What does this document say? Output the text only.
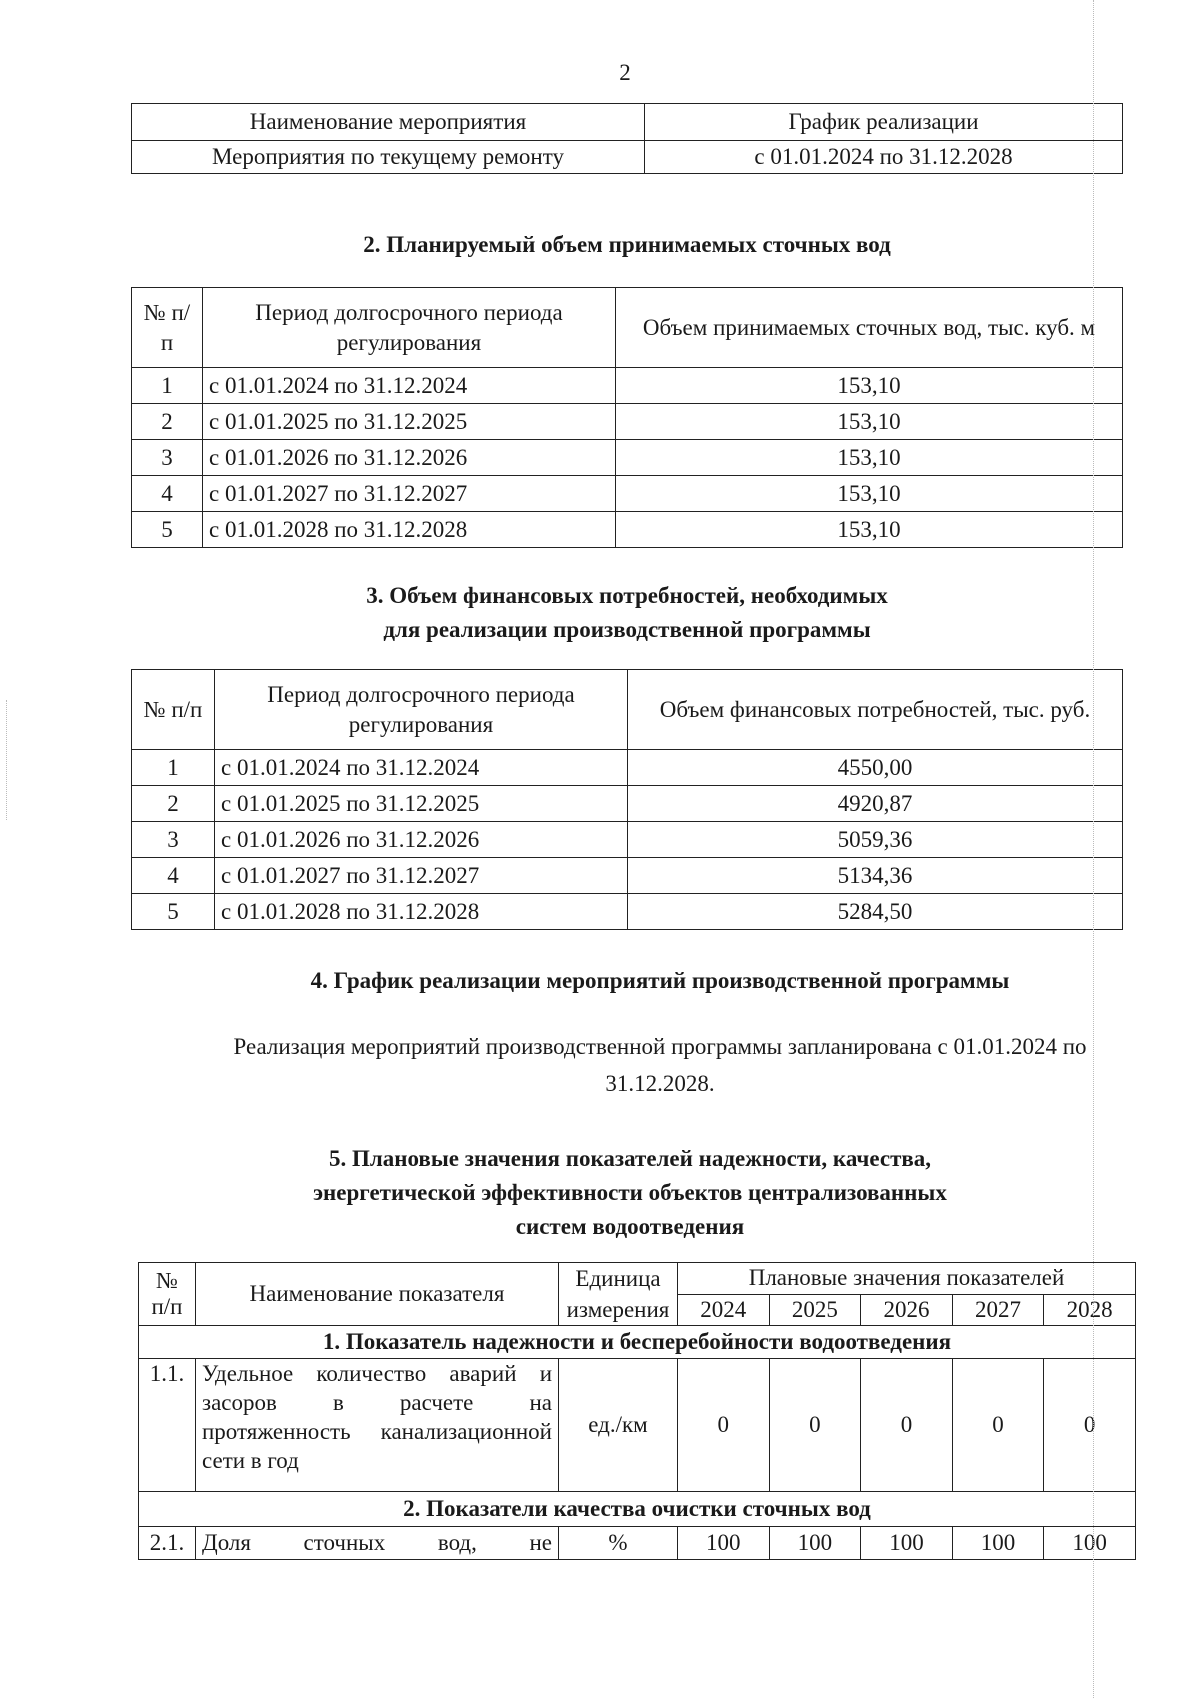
2
Наименование мероприятия	График реализации
Мероприятия по текущему ремонту	с 01.01.2024 по 31.12.2028
2. Планируемый объем принимаемых сточных вод
№ п/п	Период долгосрочного периода регулирования	Объем принимаемых сточных вод, тыс. куб. м
1	с 01.01.2024 по 31.12.2024	153,10
2	с 01.01.2025 по 31.12.2025	153,10
3	с 01.01.2026 по 31.12.2026	153,10
4	с 01.01.2027 по 31.12.2027	153,10
5	с 01.01.2028 по 31.12.2028	153,10
3. Объем финансовых потребностей, необходимых
для реализации производственной программы
№ п/п	Период долгосрочного периода регулирования	Объем финансовых потребностей, тыс. руб.
1	с 01.01.2024 по 31.12.2024	4550,00
2	с 01.01.2025 по 31.12.2025	4920,87
3	с 01.01.2026 по 31.12.2026	5059,36
4	с 01.01.2027 по 31.12.2027	5134,36
5	с 01.01.2028 по 31.12.2028	5284,50
4. График реализации мероприятий производственной программы
Реализация мероприятий производственной программы запланирована с 01.01.2024 по 31.12.2028.
5. Плановые значения показателей надежности, качества,
энергетической эффективности объектов централизованных
систем водоотведения
№ п/п	Наименование показателя	Единица измерения	Плановые значения показателей				
			2024	2025	2026	2027	2028
1. Показатель надежности и бесперебойности водоотведения							
1.1.	Удельное количество аварий и засоров в расчете на протяженность канализационной сети в год	ед./км	0	0	0	0	0
2. Показатели качества очистки сточных вод							
2.1.	Доля сточных вод, не	%	100	100	100	100	100
